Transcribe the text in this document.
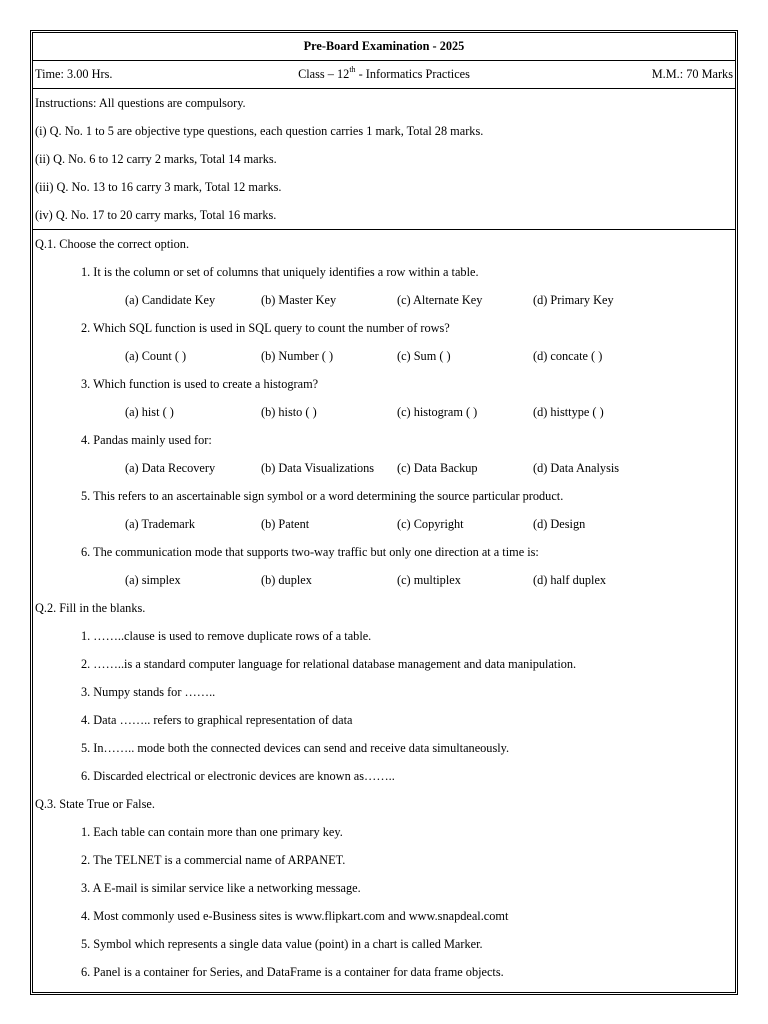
Pre-Board Examination - 2025
Time: 3.00 Hrs.	Class – 12th - Informatics Practices	M.M.: 70 Marks
Instructions: All questions are compulsory.
(i) Q. No. 1 to 5 are objective type questions, each question carries 1 mark, Total 28 marks.
(ii) Q. No. 6 to 12 carry 2 marks, Total 14 marks.
(iii) Q. No. 13 to 16 carry 3 mark, Total 12 marks.
(iv) Q. No. 17 to 20 carry marks, Total 16 marks.
Q.1. Choose the correct option.
1. It is the column or set of columns that uniquely identifies a row within a table.
(a) Candidate Key	(b) Master Key	(c) Alternate Key	(d) Primary Key
2. Which SQL function is used in SQL query to count the number of rows?
(a) Count ( )	(b) Number ( )	(c) Sum ( )	(d) concate ( )
3. Which function is used to create a histogram?
(a) hist ( )	(b) histo ( )	(c) histogram ( )	(d) histtype ( )
4. Pandas mainly used for:
(a) Data Recovery	(b) Data Visualizations	(c) Data Backup	(d) Data Analysis
5. This refers to an ascertainable sign symbol or a word determining the source particular product.
(a) Trademark	(b) Patent	(c) Copyright	(d) Design
6. The communication mode that supports two-way traffic but only one direction at a time is:
(a) simplex	(b) duplex	(c) multiplex	(d) half duplex
Q.2. Fill in the blanks.
1. ……..clause is used to remove duplicate rows of a table.
2. ……..is a standard computer language for relational database management and data manipulation.
3. Numpy stands for ……..
4. Data …….. refers to graphical representation of data
5. In…….. mode both the connected devices can send and receive data simultaneously.
6. Discarded electrical or electronic devices are known as……..
Q.3. State True or False.
1. Each table can contain more than one primary key.
2. The TELNET is a commercial name of ARPANET.
3. A E-mail is similar service like a networking message.
4. Most commonly used e-Business sites is www.flipkart.com and www.snapdeal.comt
5. Symbol which represents a single data value (point) in a chart is called Marker.
6. Panel is a container for Series, and DataFrame is a container for data frame objects.
